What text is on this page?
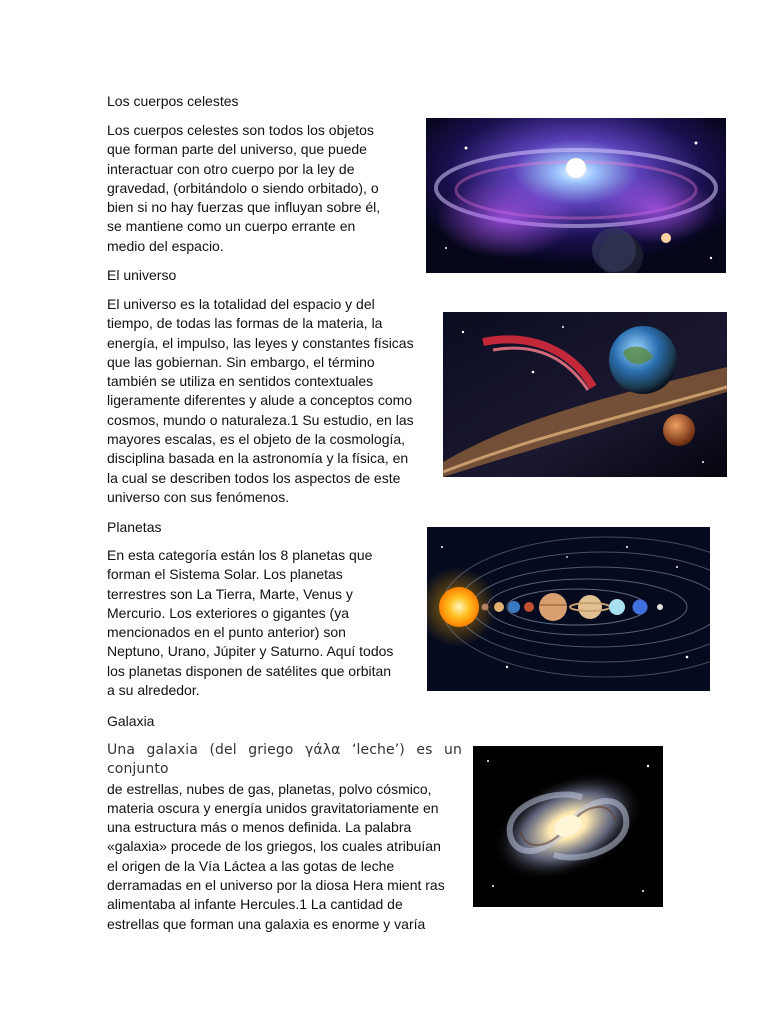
Los cuerpos celestes
Los cuerpos celestes son todos los objetos
que forman parte del universo, que puede
interactuar con otro cuerpo por la ley de
gravedad, (orbitándolo o siendo orbitado), o
bien si no hay fuerzas que influyan sobre él,
se mantiene como un cuerpo errante en
medio del espacio.
El universo
El universo es la totalidad del espacio y del
tiempo, de todas las formas de la materia, la
energía, el impulso, las leyes y constantes físicas
que las gobiernan. Sin embargo, el término
también se utiliza en sentidos contextuales
ligeramente diferentes y alude a conceptos como
cosmos, mundo o naturaleza.1 Su estudio, en las
mayores escalas, es el objeto de la cosmología,
disciplina basada en la astronomía y la física, en
la cual se describen todos los aspectos de este
universo con sus fenómenos.
Planetas
En esta categoría están los 8 planetas que
forman el Sistema Solar. Los planetas
terrestres son La Tierra, Marte, Venus y
Mercurio. Los exteriores o gigantes (ya
mencionados en el punto anterior) son
Neptuno, Urano, Júpiter y Saturno. Aquí todos
los planetas disponen de satélites que orbitan
a su alrededor.
Galaxia
Una galaxia (del griego γάλα ‘leche’) es un conjunto
de estrellas, nubes de gas, planetas, polvo cósmico,
materia oscura y energía unidos gravitatoriamente en
una estructura más o menos definida. La palabra
«galaxia» procede de los griegos, los cuales atribuían
el origen de la Vía Láctea a las gotas de leche
derramadas en el universo por la diosa Hera mient ras
alimentaba al infante Hercules.1 La cantidad de
estrellas que forman una galaxia es enorme y varía
